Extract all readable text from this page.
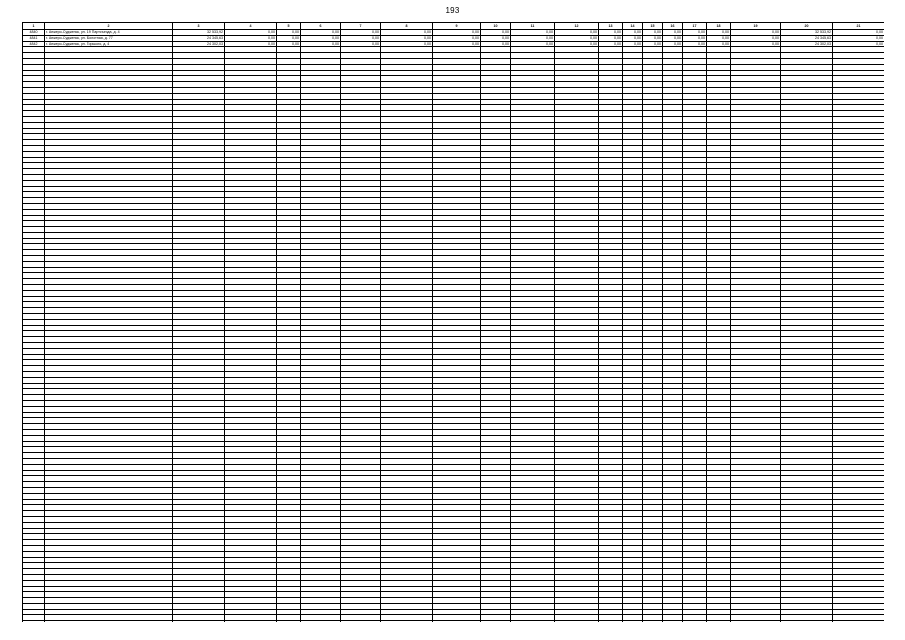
193
1	2	3	4	5	6	7	8	9	10	11	12	13	14	15	16	17	18	19	20	21
4840	г. Анжеро-Судженск, ул. 19 Партсъезда, д. 4	32 533,92	0,00	0,00	0,00	0,00	0,00	0,00	0,00	0,00	0,00	0,00	0,00	0,00	0,00	0,00	0,00	0,00	32 533,92	0,00
4841	г. Анжеро-Судженск, ул. Болотная, д. 77	24 345,63	0,00	0,00	0,00	0,00	0,00	0,00	0,00	0,00	0,00	0,00	0,00	0,00	0,00	0,00	0,00	0,00	24 345,63	0,00
4842	г. Анжеро-Судженск, ул. Горького, д. 4	24 302,03	0,00	0,00	0,00	0,00	0,00	0,00	0,00	0,00	0,00	0,00	0,00	0,00	0,00	0,00	0,00	0,00	24 302,03	0,00
